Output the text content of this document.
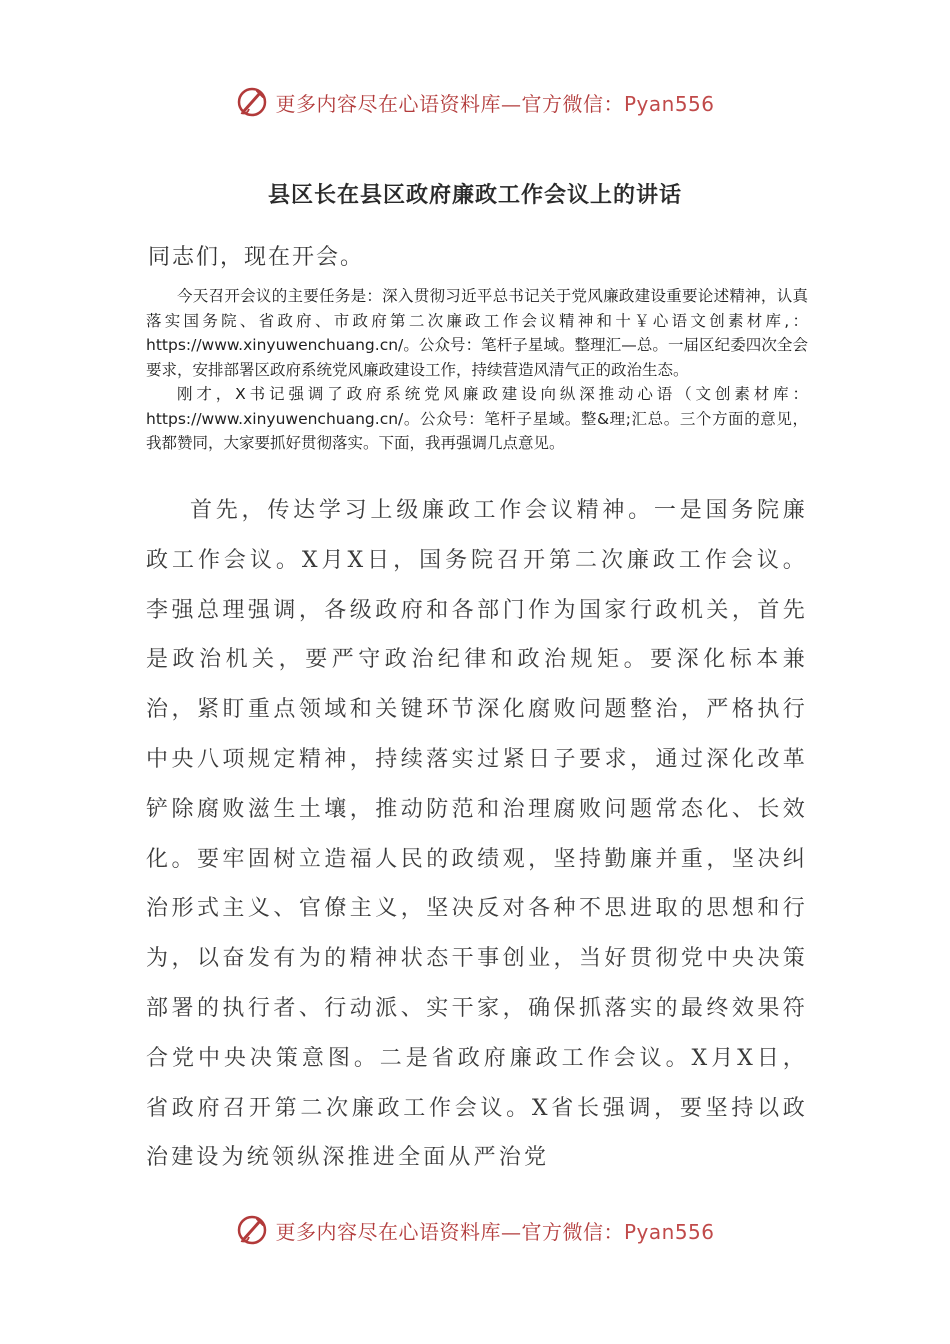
更多内容尽在心语资料库—官方微信：Pyan556
县区长在县区政府廉政工作会议上的讲话
同志们，现在开会。

今天召开会议的主要任务是：深入贯彻习近平总书记关于党风廉政建设重要论述精神，认真落实国务院、省政府、市政府第二次廉政工作会议精神和十￥心语文创素材库,：https://www.xinyuwenchuang.cn/。公众号：笔杆子星域。整理汇—总。一届区纪委四次全会要求，安排部署区政府系统党风廉政建设工作，持续营造风清气正的政治生态。

刚才，X书记强调了政府系统党风廉政建设向纵深推动心语（文创素材库：https://www.xinyuwenchuang.cn/。公众号：笔杆子星域。整&理;汇总。三个方面的意见，我都赞同，大家要抓好贯彻落实。下面，我再强调几点意见。

首先，传达学习上级廉政工作会议精神。一是国务院廉政工作会议。X月X日，国务院召开第二次廉政工作会议。李强总理强调，各级政府和各部门作为国家行政机关，首先是政治机关，要严守政治纪律和政治规矩。要深化标本兼治，紧盯重点领域和关键环节深化腐败问题整治，严格执行中央八项规定精神，持续落实过紧日子要求，通过深化改革铲除腐败滋生土壤，推动防范和治理腐败问题常态化、长效化。要牢固树立造福人民的政绩观，坚持勤廉并重，坚决纠治形式主义、官僚主义，坚决反对各种不思进取的思想和行为，以奋发有为的精神状态干事创业，当好贯彻党中央决策部署的执行者、行动派、实干家，确保抓落实的最终效果符合党中央决策意图。二是省政府廉政工作会议。X月X日，省政府召开第二次廉政工作会议。X省长强调，要坚持以政治建设为统领纵深推进全面从严治党

更多内容尽在心语资料库—官方微信：Pyan556
